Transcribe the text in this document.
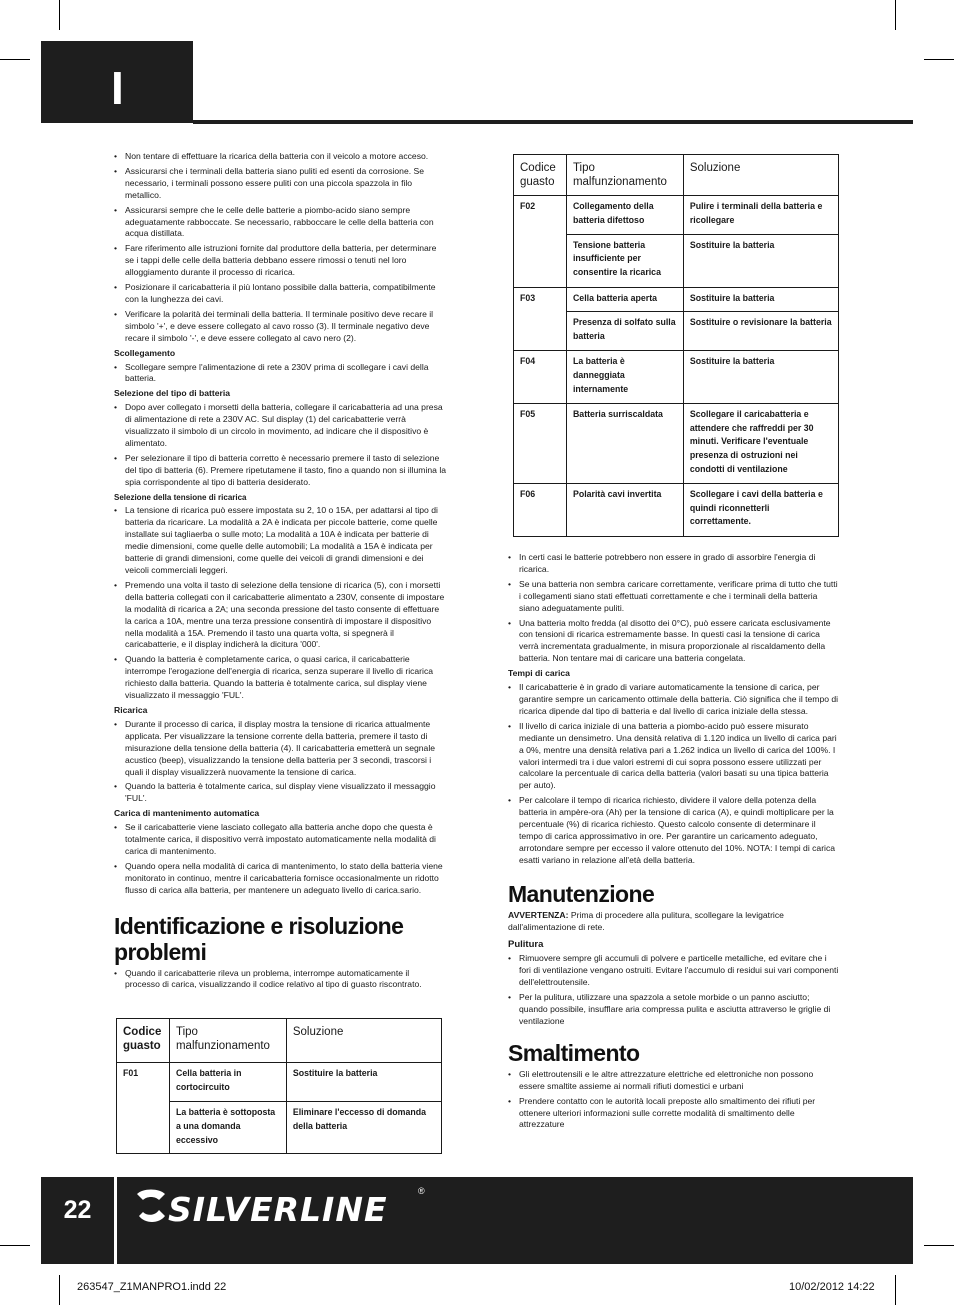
I
• Non tentare di effettuare la ricarica della batteria con il veicolo a motore acceso.
• Assicurarsi che i terminali della batteria siano puliti ed esenti da corrosione. Se necessario, i terminali possono essere puliti con una piccola spazzola in filo metallico.
• Assicurarsi sempre che le celle delle batterie a piombo-acido siano sempre adeguatamente rabboccate. Se necessario, rabboccare le celle della batteria con acqua distillata.
• Fare riferimento alle istruzioni fornite dal produttore della batteria, per determinare se i tappi delle celle della batteria debbano essere rimossi o tenuti nel loro alloggiamento durante il processo di ricarica.
• Posizionare il caricabatteria il più lontano possibile dalla batteria, compatibilmente con la lunghezza dei cavi.
• Verificare la polarità dei terminali della batteria. Il terminale positivo deve recare il simbolo '+', e deve essere collegato al cavo rosso (3). Il terminale negativo deve recare il simbolo '-', e deve essere collegato al cavo nero (2).
Scollegamento
• Scollegare sempre l'alimentazione di rete a 230V prima di scollegare i cavi della batteria.
Selezione del tipo di batteria
• Dopo aver collegato i morsetti della batteria, collegare il caricabatteria ad una presa di alimentazione di rete a 230V AC. Sul display (1) del caricabatterie verrà visualizzato il simbolo di un circolo in movimento, ad indicare che il dispositivo è alimentato.
• Per selezionare il tipo di batteria corretto è necessario premere il tasto di selezione del tipo di batteria (6). Premere ripetutamene il tasto, fino a quando non si illumina la spia corrispondente al tipo di batteria desiderato.
Selezione della tensione di ricarica
• La tensione di ricarica può essere impostata su 2, 10 o 15A, per adattarsi al tipo di batteria da ricaricare. La modalità a 2A è indicata per piccole batterie, come quelle installate sui tagliaerba o sulle moto; La modalità a 10A è indicata per batterie di medie dimensioni, come quelle delle automobili; La modalità a 15A è indicata per batterie di grandi dimensioni, come quelle dei veicoli di grandi dimensioni e dei veicoli commerciali leggeri.
• Premendo una volta il tasto di selezione della tensione di ricarica (5), con i morsetti della batteria collegati con il caricabatterie alimentato a 230V, consente di impostare la modalità di ricarica a 2A; una seconda pressione del tasto consente di effettuare la carica a 10A, mentre una terza pressione consentirà di impostare il dispositivo nella modalità a 15A. Premendo il tasto una quarta volta, si spegnerà il caricabatterie, e il display indicherà la dicitura '000'.
• Quando la batteria è completamente carica, o quasi carica, il caricabatterie interrompe l'erogazione dell'energia di ricarica, senza superare il livello di ricarica richiesto dalla batteria. Quando la batteria è totalmente carica, sul display viene visualizzato il messaggio 'FUL'.
Ricarica
• Durante il processo di carica, il display mostra la tensione di ricarica attualmente applicata. Per visualizzare la tensione corrente della batteria, premere il tasto di misurazione della tensione della batteria (4). Il caricabatteria emetterà un segnale acustico (beep), visualizzando la tensione della batteria per 3 secondi, trascorsi i quali il display visualizzerà nuovamente la tensione di carica.
• Quando la batteria è totalmente carica, sul display viene visualizzato il messaggio 'FUL'.
Carica di mantenimento automatica
• Se il caricabatterie viene lasciato collegato alla batteria anche dopo che questa è totalmente carica, il dispositivo verrà impostato automaticamente nella modalità di carica di mantenimento.
• Quando opera nella modalità di carica di mantenimento, lo stato della batteria viene monitorato in continuo, mentre il caricabatteria fornisce occasionalmente un ridotto flusso di carica alla batteria, per mantenere un adeguato livello di carica.sario.
Identificazione e risoluzione problemi
• Quando il caricabatterie rileva un problema, interrompe automaticamente il processo di carica, visualizzando il codice relativo al tipo di guasto riscontrato.
Codice guasto	Tipo malfunzionamento	Soluzione
F01	Cella batteria in cortocircuito	Sostituire la batteria
	La batteria è sottoposta a una domanda eccessivo	Eliminare l'eccesso di domanda della batteria
Codice guasto	Tipo malfunzionamento	Soluzione
F02	Collegamento della batteria difettoso	Pulire i terminali della batteria e ricollegare
	Tensione batteria insufficiente per consentire la ricarica	Sostituire la batteria
F03	Cella batteria aperta	Sostituire la batteria
	Presenza di solfato sulla batteria	Sostituire o revisionare la batteria
F04	La batteria è danneggiata internamente	Sostituire la batteria
F05	Batteria surriscaldata	Scollegare il caricabatteria e attendere che raffreddi per 30 minuti. Verificare l'eventuale presenza di ostruzioni nei condotti di ventilazione
F06	Polarità cavi invertita	Scollegare i cavi della batteria e quindi riconnetterli correttamente.
• In certi casi le batterie potrebbero non essere in grado di assorbire l'energia di ricarica.
• Se una batteria non sembra caricare correttamente, verificare prima di tutto che tutti i collegamenti siano stati effettuati correttamente e che i terminali della batteria siano adeguatamente puliti.
• Una batteria molto fredda (al disotto dei 0°C), può essere caricata esclusivamente con tensioni di ricarica estremamente basse. In questi casi la tensione di carica verrà incrementata gradualmente, in misura proporzionale al riscaldamento della batteria. Non tentare mai di caricare una batteria congelata.
Tempi di carica
• Il caricabatterie è in grado di variare automaticamente la tensione di carica, per garantire sempre un caricamento ottimale della batteria. Ciò significa che il tempo di ricarica dipende dal tipo di batteria e dal livello di carica iniziale della stessa.
• Il livello di carica iniziale di una batteria a piombo-acido può essere misurato mediante un densimetro. Una densità relativa di 1.120 indica un livello di carica pari a 0%, mentre una densità relativa pari a 1.262 indica un livello di carica del 100%. I valori intermedi tra i due valori estremi di cui sopra possono essere utilizzati per calcolare la percentuale di carica della batteria (valori basati su una tipica batteria per auto).
• Per calcolare il tempo di ricarica richiesto, dividere il valore della potenza della batteria in ampère-ora (Ah) per la tensione di carica (A), e quindi moltiplicare per la percentuale (%) di ricarica richiesto. Questo calcolo consente di determinare il tempo di carica approssimativo in ore. Per garantire un caricamento adeguato, arrotondare sempre per eccesso il valore ottenuto del 10%. NOTA: I tempi di carica esatti variano in relazione all'età della batteria.
Manutenzione

AVVERTENZA: Prima di procedere alla pulitura, scollegare la levigatrice dall'alimentazione di rete.

Pulitura
• Rimuovere sempre gli accumuli di polvere e particelle metalliche, ed evitare che i fori di ventilazione vengano ostruiti. Evitare l'accumulo di residui sui vari componenti dell'elettroutensile.
• Per la pulitura, utilizzare una spazzola a setole morbide o un panno asciutto; quando possibile, insufflare aria compressa pulita e asciutta attraverso le griglie di ventilazione
Smaltimento
• Gli elettroutensili e le altre attrezzature elettriche ed elettroniche non possono essere smaltite assieme ai normali rifiuti domestici e urbani
• Prendere contatto con le autorità locali preposte allo smaltimento dei rifiuti per ottenere ulteriori informazioni sulle corrette modalità di smaltimento delle attrezzature
22	SILVERLINE	®
263547_Z1MANPRO1.indd 22	10/02/2012 14:22
